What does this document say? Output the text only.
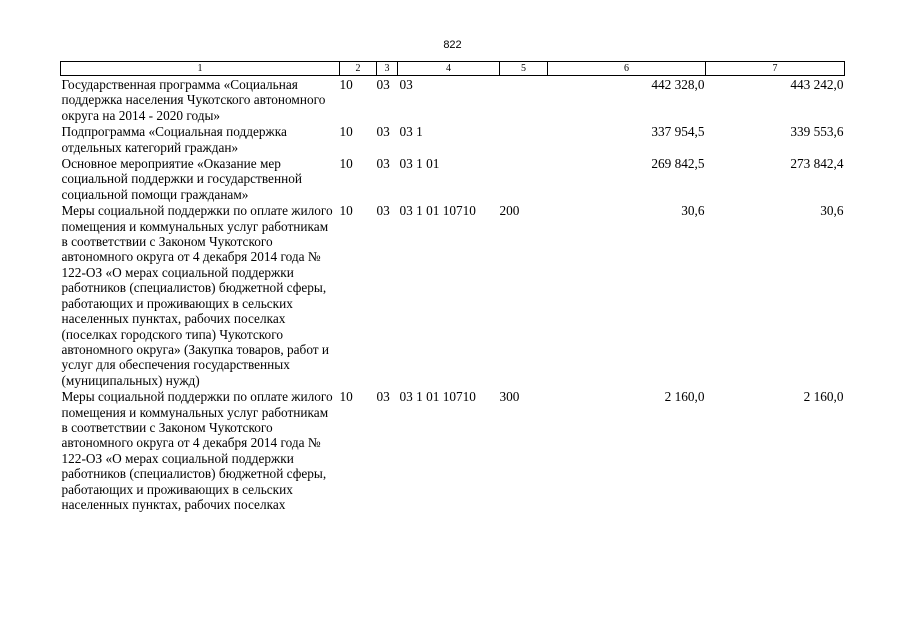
822
1	2	3	4	5	6	7
Государственная программа «Социальная поддержка населения Чукотского автономного округа на 2014 - 2020 годы»	10	03	03		442 328,0	443 242,0
Подпрограмма «Социальная поддержка отдельных категорий граждан»	10	03	03 1		337 954,5	339 553,6
Основное мероприятие «Оказание мер социальной поддержки и государственной социальной помощи гражданам»	10	03	03 1 01		269 842,5	273 842,4
Меры социальной поддержки по оплате жилого помещения и коммунальных услуг работникам в соответствии с Законом Чукотского автономного округа от 4 декабря 2014 года № 122-ОЗ «О мерах социальной поддержки работников (специалистов) бюджетной сферы, работающих и проживающих в сельских населенных пунктах, рабочих поселках (поселках городского типа) Чукотского автономного округа» (Закупка товаров, работ и услуг для обеспечения государственных (муниципальных) нужд)	10	03	03 1 01 10710	200	30,6	30,6
Меры социальной поддержки по оплате жилого помещения и коммунальных услуг работникам в соответствии с Законом Чукотского автономного округа от 4 декабря 2014 года № 122-ОЗ «О мерах социальной поддержки работников (специалистов) бюджетной сферы, работающих и проживающих в сельских населенных пунктах, рабочих поселках	10	03	03 1 01 10710	300	2 160,0	2 160,0
